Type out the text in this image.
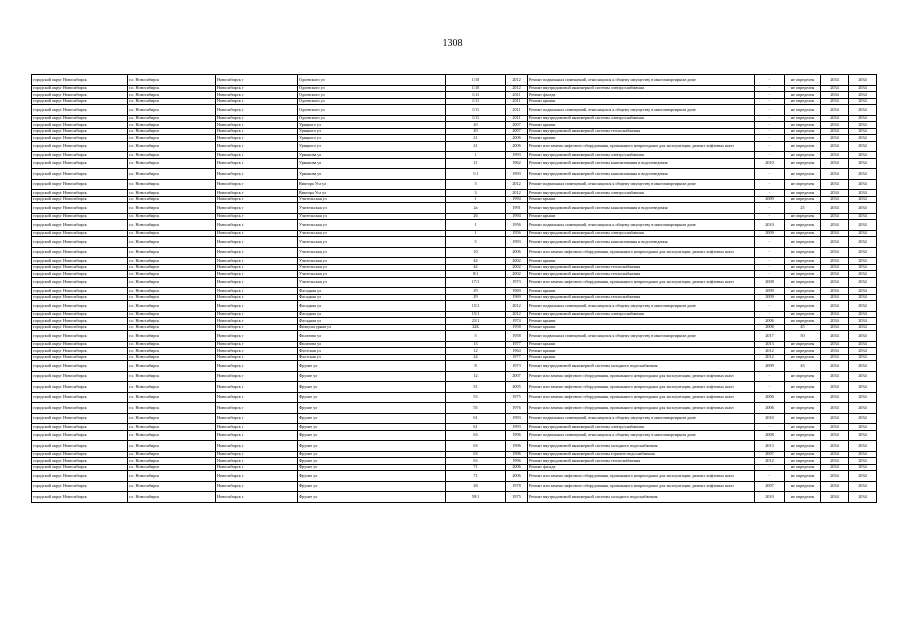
1308
городской округ Новосибирск	г.о. Новосибирск	Новосибирск г	Одоевского ул	1/10	2012	Ремонт подвальных помещений, относящихся к общему имуществу в многоквартирном доме	-	не определен	2034	2034
городской округ Новосибирск	г.о. Новосибирск	Новосибирск г	Одоевского ул	1/10	2012	Ремонт внутридомовой инженерной системы электроснабжения	-	не определен	2034	2034
городской округ Новосибирск	г.о. Новосибирск	Новосибирск г	Одоевского ул	1/11	2011	Ремонт фасада	-	не определен	2034	2034
городской округ Новосибирск	г.о. Новосибирск	Новосибирск г	Одоевского ул	1/11	2011	Ремонт крыши	-	не определен	2034	2034
городской округ Новосибирск	г.о. Новосибирск	Новосибирск г	Одоевского ул	1/11	2011	Ремонт подвальных помещений, относящихся к общему имуществу в многоквартирном доме	-	не определен	2034	2034
городской округ Новосибирск	г.о. Новосибирск	Новосибирск г	Одоевского ул	1/11	2011	Ремонт внутридомовой инженерной системы электроснабжения	-	не определен	2034	2034
городской округ Новосибирск	г.о. Новосибирск	Новосибирск г	Урицкого ул	20	2007	Ремонт крыши	-	не определен	2034	2034
городской округ Новосибирск	г.о. Новосибирск	Новосибирск г	Урицкого ул	20	2007	Ремонт внутридомовой инженерной системы теплоснабжения	-	не определен	2034	2034
городской округ Новосибирск	г.о. Новосибирск	Новосибирск г	Урицкого ул	21	2006	Ремонт крыши	-	не определен	2034	2034
городской округ Новосибирск	г.о. Новосибирск	Новосибирск г	Урицкого ул	21	2006	Ремонт или замена лифтового оборудования, признанного непригодным для эксплуатации, ремонт лифтовых шахт	-	не определен	2034	2034
городской округ Новосибирск	г.о. Новосибирск	Новосибирск г	Урманова ул	1	1993	Ремонт внутридомовой инженерной системы электроснабжения	-	не определен	2034	2034
городской округ Новосибирск	г.о. Новосибирск	Новосибирск г	Урманова ул	11	1962	Ремонт внутридомовой инженерной системы канализования и водоотведения	2010	не определен	2034	2034
городской округ Новосибирск	г.о. Новосибирск	Новосибирск г	Урманова ул	1/1	1993	Ремонт внутридомовой инженерной системы канализования и водоотведения	-	не определен	2034	2034
городской округ Новосибирск	г.о. Новосибирск	Новосибирск г	Виктора Уса ул	3	2012	Ремонт подвальных помещений, относящихся к общему имуществу в многоквартирном доме	-	не определен	2034	2034
городской округ Новосибирск	г.о. Новосибирск	Новосибирск г	Виктора Уса ул	3	2012	Ремонт внутридомовой инженерной системы электроснабжения	-	не определен	2034	2034
городской округ Новосибирск	г.о. Новосибирск	Новосибирск г	Учительская ул	1	1994	Ремонт крыши	2009	не определен	2034	2034
городской округ Новосибирск	г.о. Новосибирск	Новосибирск г	Учительская ул	2а	1991	Ремонт внутридомовой инженерной системы канализования и водоотведения	-	25	2034	2034
городской округ Новосибирск	г.о. Новосибирск	Новосибирск г	Учительская ул	26	1994	Ремонт крыши	-	не определен	2034	2034
городской округ Новосибирск	г.о. Новосибирск	Новосибирск г	Учительская ул	1	1956	Ремонт подвальных помещений, относящихся к общему имуществу в многоквартирном доме	2010	не определен	2034	2034
городской округ Новосибирск	г.о. Новосибирск	Новосибирск г	Учительская ул	1	1956	Ремонт внутридомовой инженерной системы электроснабжения	2009	не определен	2034	2034
городской округ Новосибирск	г.о. Новосибирск	Новосибирск г	Учительская ул	5	1993	Ремонт внутридомовой инженерной системы канализования и водоотведения	-	не определен	2034	2034
городской округ Новосибирск	г.о. Новосибирск	Новосибирск г	Учительская ул	10	2006	Ремонт или замена лифтового оборудования, признанного непригодным для эксплуатации, ремонт лифтовых шахт	-	не определен	2034	2034
городской округ Новосибирск	г.о. Новосибирск	Новосибирск г	Учительская ул	44	2002	Ремонт крыши	-	не определен	2034	2034
городской округ Новосибирск	г.о. Новосибирск	Новосибирск г	Учительская ул	44	2002	Ремонт внутридомовой инженерной системы теплоснабжения	-	не определен	2034	2034
городской округ Новосибирск	г.о. Новосибирск	Новосибирск г	Учительская ул	8/1	2002	Ремонт внутридомовой инженерной системы теплоснабжения	-	не определен	2034	2034
городской округ Новосибирск	г.о. Новосибирск	Новосибирск г	Учительская ул	17/1	1973	Ремонт или замена лифтового оборудования, признанного непригодным для эксплуатации, ремонт лифтовых шахт	2008	не определен	2034	2034
городской округ Новосибирск	г.о. Новосибирск	Новосибирск г	Фасадная ул	29	1969	Ремонт крыши	2009	не определен	2034	2034
городской округ Новосибирск	г.о. Новосибирск	Новосибирск г	Фасадная ул	29	1969	Ремонт внутридомовой инженерной системы теплоснабжения	2009	не определен	2034	2034
городской округ Новосибирск	г.о. Новосибирск	Новосибирск г	Фасадная ул	15/1	2012	Ремонт подвальных помещений, относящихся к общему имуществу в многоквартирном доме	-	не определен	2034	2034
городской округ Новосибирск	г.о. Новосибирск	Новосибирск г	Фасадная ул	15/1	2012	Ремонт внутридомовой инженерной системы электроснабжения	-	не определен	2034	2034
городской округ Новосибирск	г.о. Новосибирск	Новосибирск г	Фасадная ул	23/1	1974	Ремонт крыши	2006	не определен	2034	2034
городской округ Новосибирск	г.о. Новосибирск	Новосибирск г	Физкультурная ул	22Б	1958	Ремонт крыши	2008	45	2034	2034
городской округ Новосибирск	г.о. Новосибирск	Новосибирск г	Филатова ул	5	1958	Ремонт подвальных помещений, относящихся к общему имуществу в многоквартирном доме	2017	50	2034	2034
городской округ Новосибирск	г.о. Новосибирск	Новосибирск г	Филатова ул	13	1977	Ремонт крыши	2013	не определен	2034	2034
городской округ Новосибирск	г.о. Новосибирск	Новосибирск г	Флотская ул	12	1964	Ремонт крыши	2012	не определен	2034	2034
городской округ Новосибирск	г.о. Новосибирск	Новосибирск г	Флотская ул	24	1977	Ремонт крыши	2012	не определен	2034	2034
городской округ Новосибирск	г.о. Новосибирск	Новосибирск г	Фрунзе ул	8	1973	Ремонт внутридомовой инженерной системы холодного водоснабжения	2009	45	2034	2034
городской округ Новосибирск	г.о. Новосибирск	Новосибирск г	Фрунзе ул	12	2007	Ремонт или замена лифтового оборудования, признанного непригодным для эксплуатации, ремонт лифтовых шахт	-	не определен	2034	2034
городской округ Новосибирск	г.о. Новосибирск	Новосибирск г	Фрунзе ул	51	2005	Ремонт или замена лифтового оборудования, признанного непригодным для эксплуатации, ремонт лифтовых шахт	-	не определен	2034	2034
городской округ Новосибирск	г.о. Новосибирск	Новосибирск г	Фрунзе ул	53	1975	Ремонт или замена лифтового оборудования, признанного непригодным для эксплуатации, ремонт лифтовых шахт	2006	не определен	2034	2034
городской округ Новосибирск	г.о. Новосибирск	Новосибирск г	Фрунзе ул	55	1976	Ремонт или замена лифтового оборудования, признанного непригодным для эксплуатации, ремонт лифтовых шахт	2006	не определен	2034	2034
городской округ Новосибирск	г.о. Новосибирск	Новосибирск г	Фрунзе ул	61	1993	Ремонт подвальных помещений, относящихся к общему имуществу в многоквартирном доме	2010	не определен	2034	2034
городской округ Новосибирск	г.о. Новосибирск	Новосибирск г	Фрунзе ул	61	1993	Ремонт внутридомовой инженерной системы электроснабжения	-	не определен	2034	2034
городской округ Новосибирск	г.о. Новосибирск	Новосибирск г	Фрунзе ул	63	1996	Ремонт подвальных помещений, относящихся к общему имуществу в многоквартирном доме	2008	не определен	2034	2034
городской округ Новосибирск	г.о. Новосибирск	Новосибирск г	Фрунзе ул	63	1996	Ремонт внутридомовой инженерной системы холодного водоснабжения	2013	не определен	2034	2034
городской округ Новосибирск	г.о. Новосибирск	Новосибирск г	Фрунзе ул	63	1996	Ремонт внутридомовой инженерной системы горячего водоснабжения	2007	не определен	2034	2034
городской округ Новосибирск	г.о. Новосибирск	Новосибирск г	Фрунзе ул	63	1996	Ремонт внутридомовой инженерной системы теплоснабжения	2012	не определен	2034	2034
городской округ Новосибирск	г.о. Новосибирск	Новосибирск г	Фрунзе ул	71	2006	Ремонт фасада	-	не определен	2034	2034
городской округ Новосибирск	г.о. Новосибирск	Новосибирск г	Фрунзе ул	71	2006	Ремонт или замена лифтового оборудования, признанного непригодным для эксплуатации, ремонт лифтовых шахт	-	не определен	2034	2034
городской округ Новосибирск	г.о. Новосибирск	Новосибирск г	Фрунзе ул	28	1978	Ремонт или замена лифтового оборудования, признанного непригодным для эксплуатации, ремонт лифтовых шахт	2007	не определен	2034	2034
городской округ Новосибирск	г.о. Новосибирск	Новосибирск г	Фрунзе ул	59/1	1975	Ремонт внутридомовой инженерной системы холодного водоснабжения	2010	не определен	2034	2034
